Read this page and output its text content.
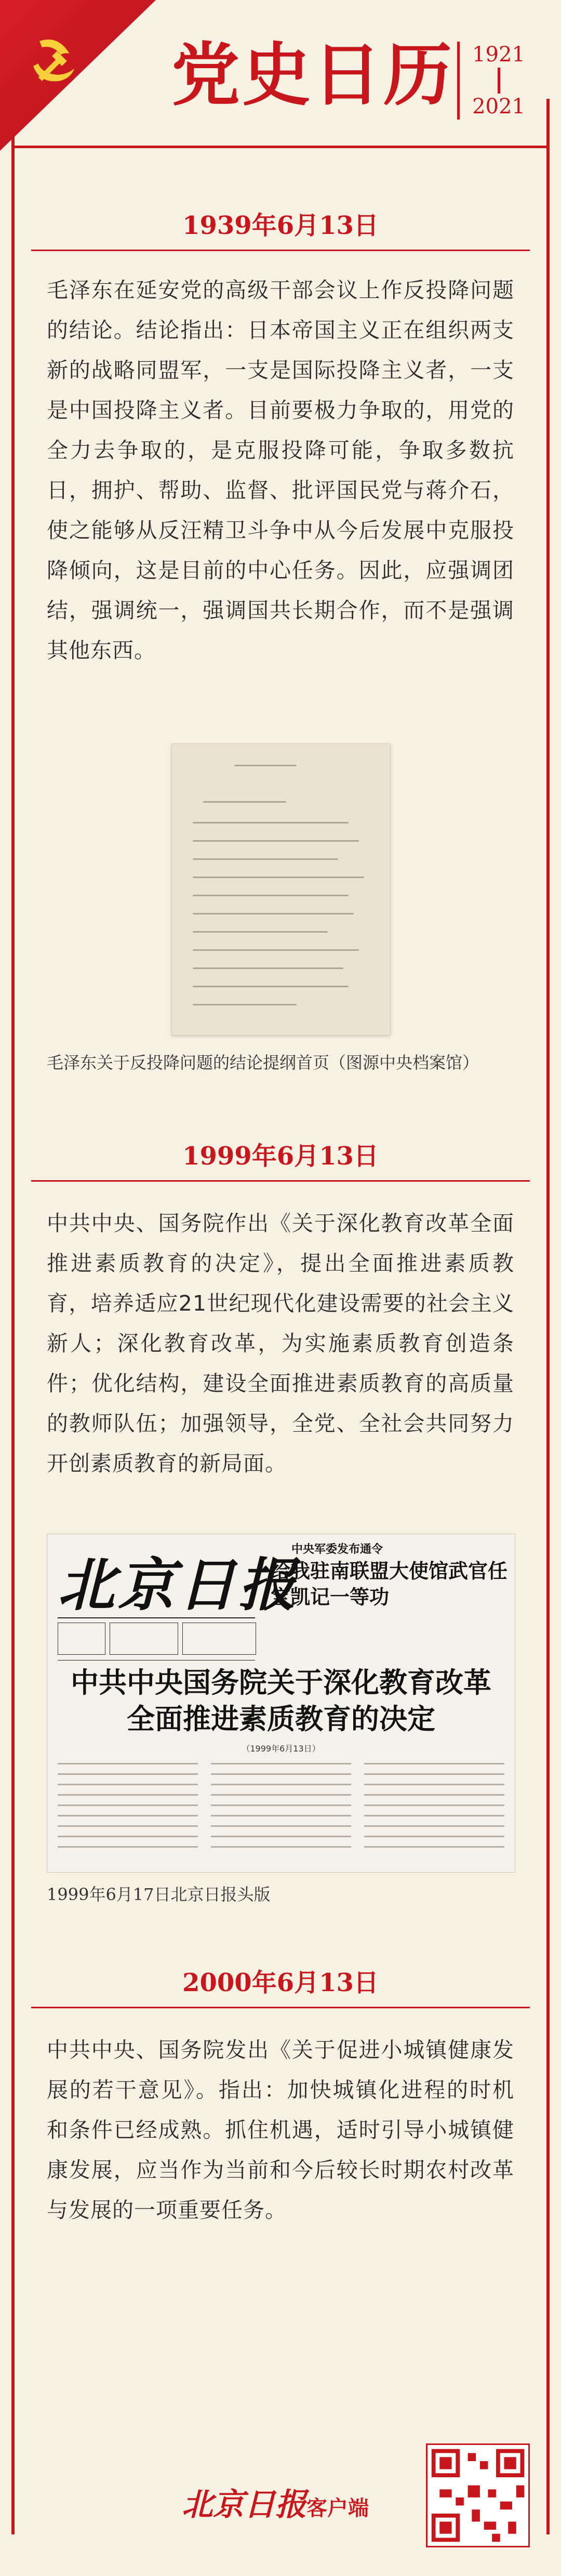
党史日历 1921
2021
1939年6月13日
毛泽东在延安党的高级干部会议上作反投降问题的结论。结论指出：日本帝国主义正在组织两支新的战略同盟军，一支是国际投降主义者，一支是中国投降主义者。目前要极力争取的，用党的全力去争取的，是克服投降可能，争取多数抗日，拥护、帮助、监督、批评国民党与蒋介石，使之能够从反汪精卫斗争中从今后发展中克服投降倾向，这是目前的中心任务。因此，应强调团结，强调统一，强调国共长期合作，而不是强调其他东西。
毛泽东关于反投降问题的结论提纲首页（图源中央档案馆）
1999年6月13日
中共中央、国务院作出《关于深化教育改革全面推进素质教育的决定》，提出全面推进素质教育，培养适应21世纪现代化建设需要的社会主义新人；深化教育改革，为实施素质教育创造条件；优化结构，建设全面推进素质教育的高质量的教师队伍；加强领导，全党、全社会共同努力开创素质教育的新局面。
北京日报
中央军委发布通令
给我驻南联盟大使馆武官任宝凯记一等功
中共中央国务院关于深化教育改革全面推进素质教育的决定
（1999年6月13日）
1999年6月17日北京日报头版
2000年6月13日
中共中央、国务院发出《关于促进小城镇健康发展的若干意见》。指出：加快城镇化进程的时机和条件已经成熟。抓住机遇，适时引导小城镇健康发展，应当作为当前和今后较长时期农村改革与发展的一项重要任务。
北京日报客户端
